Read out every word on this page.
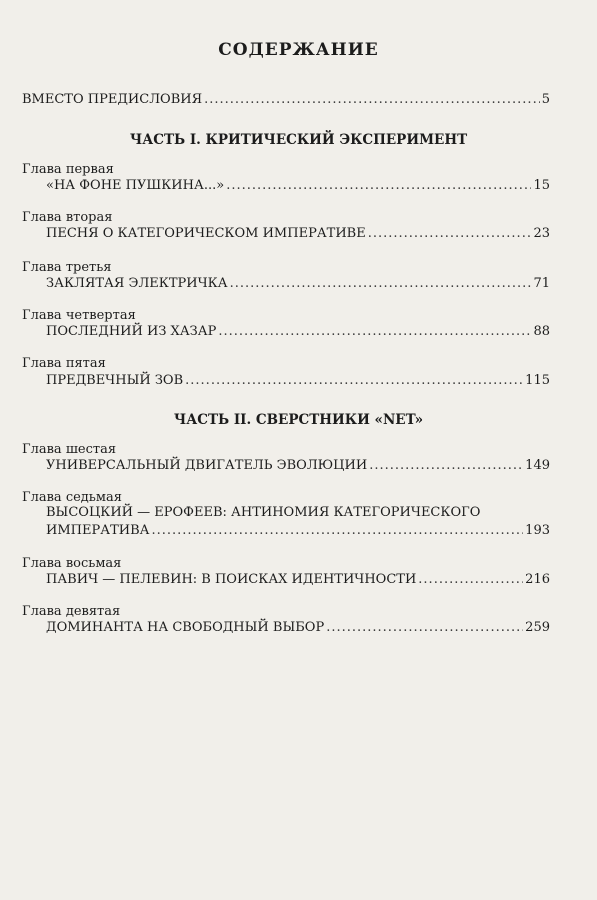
СОДЕРЖАНИЕ
ВМЕСТО ПРЕДИСЛОВИЯ .....	5
ЧАСТЬ I. КРИТИЧЕСКИЙ ЭКСПЕРИМЕНТ
Глава первая
«НА ФОНЕ ПУШКИНА...» .....	15
Глава вторая
ПЕСНЯ О КАТЕГОРИЧЕСКОМ ИМПЕРАТИВЕ .....	23
Глава третья
ЗАКЛЯТАЯ ЭЛЕКТРИЧКА .....	71
Глава четвертая
ПОСЛЕДНИЙ ИЗ ХАЗАР .....	88
Глава пятая
ПРЕДВЕЧНЫЙ ЗОВ .....	115
ЧАСТЬ II. СВЕРСТНИКИ «NET»
Глава шестая
УНИВЕРСАЛЬНЫЙ ДВИГАТЕЛЬ ЭВОЛЮЦИИ .....	149
Глава седьмая
ВЫСОЦКИЙ — ЕРОФЕЕВ: АНТИНОМИЯ КАТЕГОРИЧЕСКОГО
ИМПЕРАТИВА .....	193
Глава восьмая
ПАВИЧ — ПЕЛЕВИН: В ПОИСКАХ ИДЕНТИЧНОСТИ .....	216
Глава девятая
ДОМИНАНТА НА СВОБОДНЫЙ ВЫБОР .....	259
